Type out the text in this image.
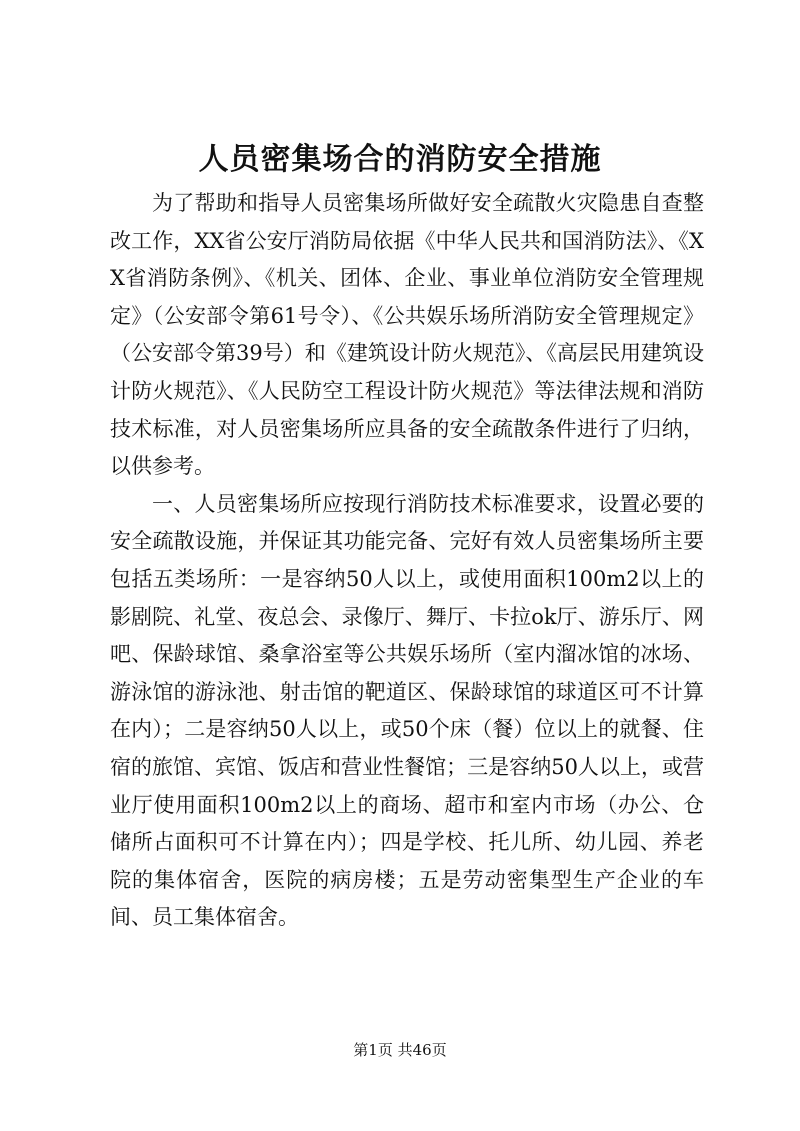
人员密集场合的消防安全措施

为了帮助和指导人员密集场所做好安全疏散火灾隐患自查整改工作，XX省公安厅消防局依据《中华人民共和国消防法》、《XX省消防条例》、《机关、团体、企业、事业单位消防安全管理规定》（公安部令第61号令）、《公共娱乐场所消防安全管理规定》（公安部令第39号）和《建筑设计防火规范》、《高层民用建筑设计防火规范》、《人民防空工程设计防火规范》等法律法规和消防技术标准，对人员密集场所应具备的安全疏散条件进行了归纳，以供参考。

一、人员密集场所应按现行消防技术标准要求，设置必要的安全疏散设施，并保证其功能完备、完好有效人员密集场所主要包括五类场所：一是容纳50人以上，或使用面积100m2以上的影剧院、礼堂、夜总会、录像厅、舞厅、卡拉ok厅、游乐厅、网吧、保龄球馆、桑拿浴室等公共娱乐场所（室内溜冰馆的冰场、游泳馆的游泳池、射击馆的靶道区、保龄球馆的球道区可不计算在内）；二是容纳50人以上，或50个床（餐）位以上的就餐、住宿的旅馆、宾馆、饭店和营业性餐馆；三是容纳50人以上，或营业厅使用面积100m2以上的商场、超市和室内市场（办公、仓储所占面积可不计算在内）；四是学校、托儿所、幼儿园、养老院的集体宿舍，医院的病房楼；五是劳动密集型生产企业的车间、员工集体宿舍。

第1页 共46页
